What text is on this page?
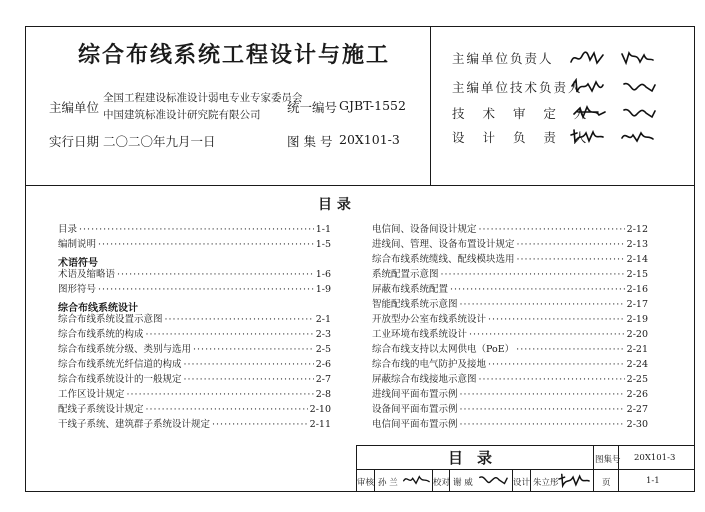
综合布线系统工程设计与施工
主编单位
全国工程建设标准设计弱电专业专家委员会
中国建筑标准设计研究院有限公司 统一编号 GJBT-1552
实行日期 二〇二〇年九月一日	图 集 号 20X101-3
主编单位负责人
主编单位技术负责人
技 术 审 定 人
设 计 负 责 人
目 录
目录 ·····	1-1
编制说明 ·····	1-5
术语符号
术语及缩略语 ·····	1-6
图形符号 ·····	1-9
综合布线系统设计
综合布线系统设置示意图 ·····	2-1
综合布线系统的构成 ·····	2-3
综合布线系统分级、类别与选用 ·····	2-5
综合布线系统光纤信道的构成 ·····	2-6
综合布线系统设计的一般规定 ·····	2-7
工作区设计规定 ·····	2-8
配线子系统设计规定 ·····	2-10
干线子系统、建筑群子系统设计规定 ·····	2-11
电信间、设备间设计规定 ·····	2-12
进线间、管理、设备布置设计规定 ·····	2-13
综合布线系统缆线、配线模块选用 ·····	2-14
系统配置示意图 ·····	2-15
屏蔽布线系统配置 ·····	2-16
智能配线系统示意图 ·····	2-17
开放型办公室布线系统设计 ·····	2-19
工业环境布线系统设计 ·····	2-20
综合布线支持以太网供电（PoE） ·····	2-21
综合布线的电气防护及接地 ·····	2-24
屏蔽综合布线接地示意图 ·····	2-25
进线间平面布置示例 ·····	2-26
设备间平面布置示例 ·····	2-27
电信间平面布置示例 ·····	2-30
目录	图集号 20X101-3
审核 孙 兰	校对 谢 威	设计 朱立彤	页	1-1
